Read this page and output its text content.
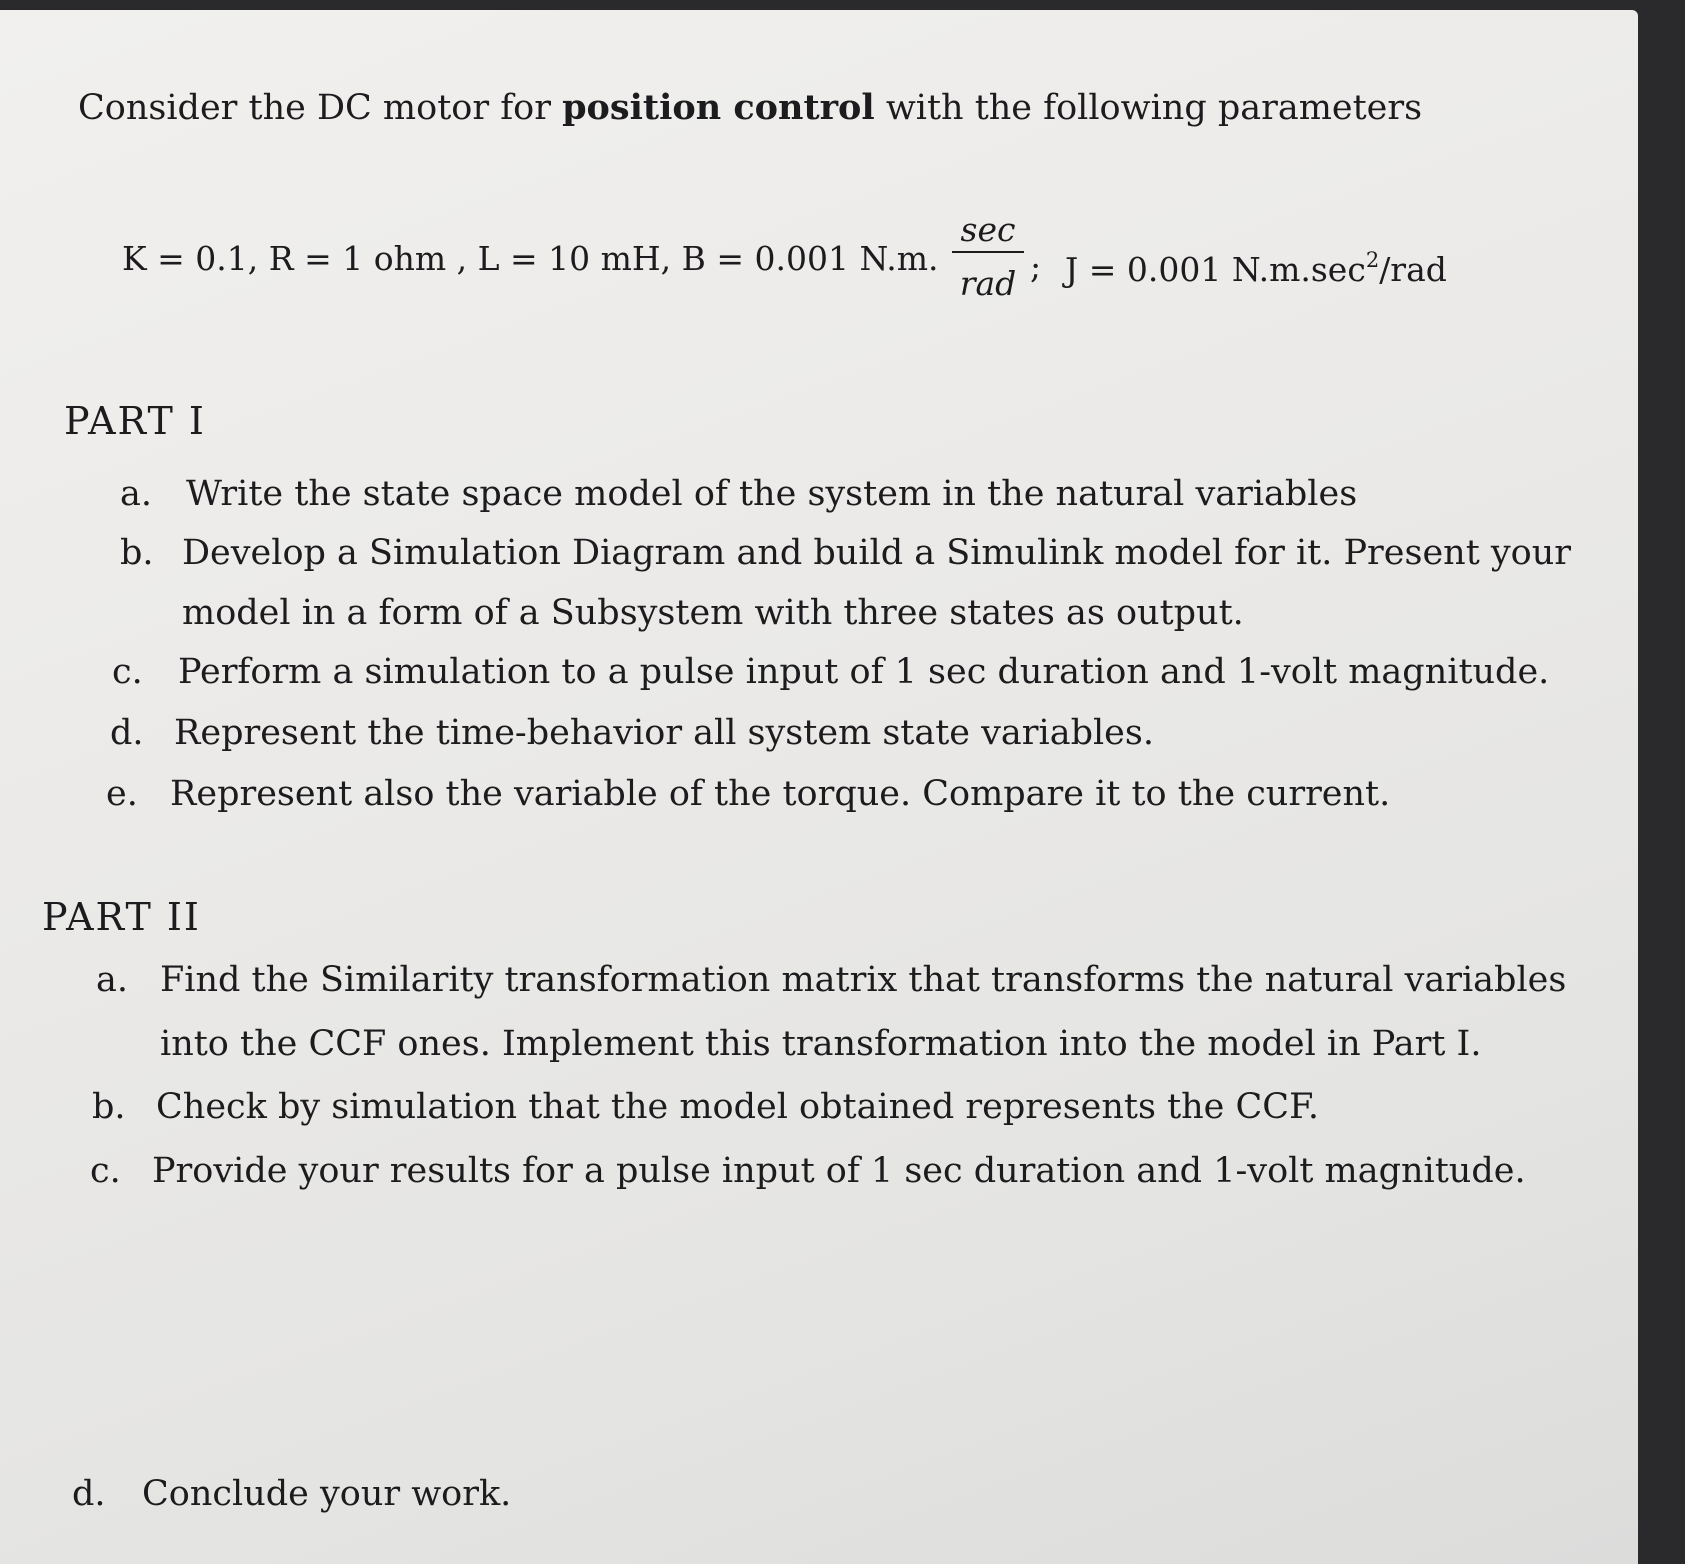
Consider the DC motor for position control with the following parameters
K = 0.1, R = 1 ohm , L = 10 mH, B = 0.001 N.m.
sec
rad ; J = 0.001 $N.m.\sec^2$/rad
PART I
a. Write the state space model of the system in the natural variables
b. Develop a Simulation Diagram and build a Simulink model for it. Present your
model in a form of a Subsystem with three states as output.
c. Perform a simulation to a pulse input of 1 sec duration and 1-volt magnitude.
d. Represent the time-behavior all system state variables.
e. Represent also the variable of the torque. Compare it to the current.
PART II
a. Find the Similarity transformation matrix that transforms the natural variables
into the CCF ones. Implement this transformation into the model in Part I.
b. Check by simulation that the model obtained represents the CCF.
c. Provide your results for a pulse input of 1 sec duration and 1-volt magnitude.
d. Conclude your work.
